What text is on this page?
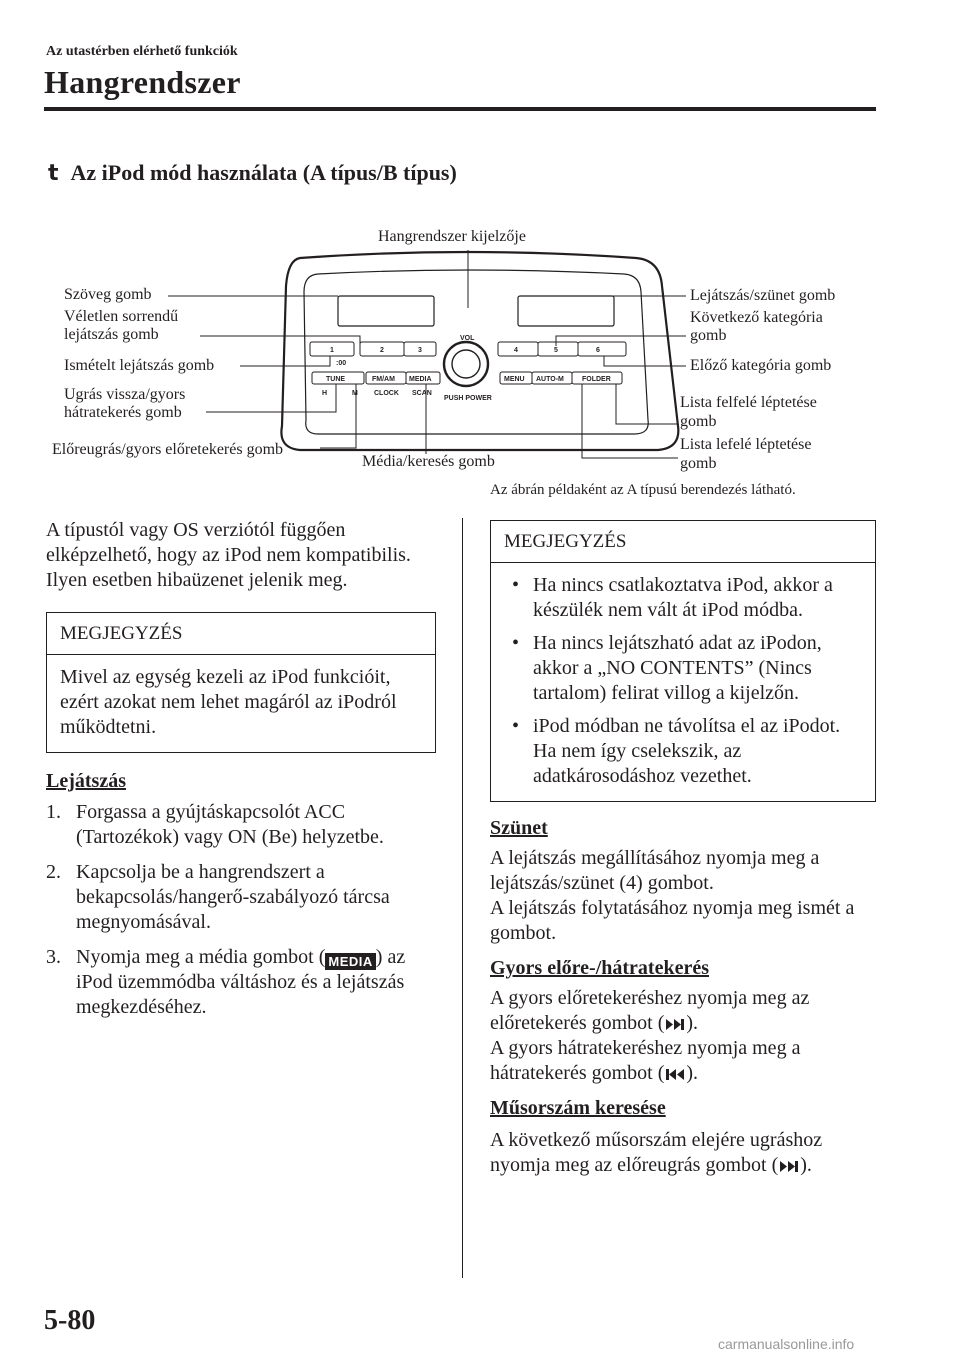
Az utastérben elérhető funkciók
Hangrendszer
t Az iPod mód használata (A típus/B típus)
VOL
PUSH POWER
1	2	3	4	5	6
:00
TUNE	FM/AM MEDIA	MENU AUTO-M	FOLDER
H	M CLOCK SCAN
Hangrendszer kijelzője
Szöveg gomb
Véletlen sorrendű
lejátszás gomb
Ismételt lejátszás gomb
Ugrás vissza/gyors
hátratekerés gomb
Előreugrás/gyors előretekerés gomb
Média/keresés gomb
Lejátszás/szünet gomb
Következő kategória
gomb
Előző kategória gomb
Lista felfelé léptetése
gomb
Lista lefelé léptetése
gomb
Az ábrán példaként az A típusú berendezés látható.

A típustól vagy OS verziótól függően elképzelhető, hogy az iPod nem kompatibilis. Ilyen esetben hibaüzenet jelenik meg.

MEGJEGYZÉS
Mivel az egység kezeli az iPod funkcióit, ezért azokat nem lehet magáról az iPodról működtetni.

Lejátszás

1. Forgassa a gyújtáskapcsolót ACC (Tartozékok) vagy ON (Be) helyzetbe.
2. Kapcsolja be a hangrendszert a bekapcsolás/hangerő-szabályozó tárcsa megnyomásával.
3. Nyomja meg a média gombot ( MEDIA ) az iPod üzemmódba váltáshoz és a lejátszás megkezdéséhez.
MEGJEGYZÉS
• Ha nincs csatlakoztatva iPod, akkor a készülék nem vált át iPod módba.
• Ha nincs lejátszható adat az iPodon, akkor a „NO CONTENTS” (Nincs tartalom) felirat villog a kijelzőn.
• iPod módban ne távolítsa el az iPodot. Ha nem így cselekszik, az adatkárosodáshoz vezethet.

Szünet

A lejátszás megállításához nyomja meg a lejátszás/szünet (4) gombot.

A lejátszás folytatásához nyomja meg ismét a gombot.

Gyors előre-/hátratekerés

A gyors előretekeréshez nyomja meg az előretekerés gombot ( ).

A gyors hátratekeréshez nyomja meg a hátratekerés gombot ( ).

Műsorszám keresése

A következő műsorszám elejére ugráshoz nyomja meg az előreugrás gombot ( ).

5-80
carmanualsonline.info
